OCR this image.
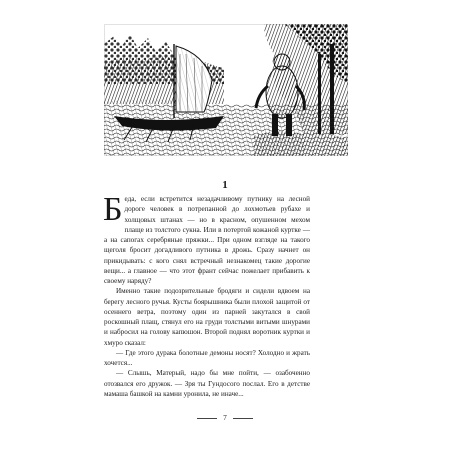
1

Беда, если встретится незадачливому путнику на лесной дороге человек в потрепанной до лохмотьев рубахе и холщовых штанах — но в красном, опушенном мехом плаще из толстого сукна. Или в потертой кожаной куртке — а на сапогах серебряные пряжки... При одном взгляде на такого щеголя бросит догадливого путника в дрожь. Сразу начнет он прикидывать: с кого снял встречный незнакомец такие дорогие вещи... а главное — что этот франт сейчас пожелает прибавить к своему наряду?

Именно такие подозрительные бродяги и сидели вдвоем на берегу лесного ручья. Кусты боярышника были плохой защитой от осеннего ветра, поэтому один из парней закутался в свой роскошный плащ, стянул его на груди толстыми витыми шнурами и набросил на голову капюшон. Второй поднял воротник куртки и хмуро сказал:

— Где этого дурака болотные демоны носят? Холодно и жрать хочется...

— Слышь, Матерый, надо бы мне пойти, — озабоченно отозвался его дружок. — Зря ты Гундосого послал. Его в детстве мамаша башкой на камни уронила, не иначе...

7
